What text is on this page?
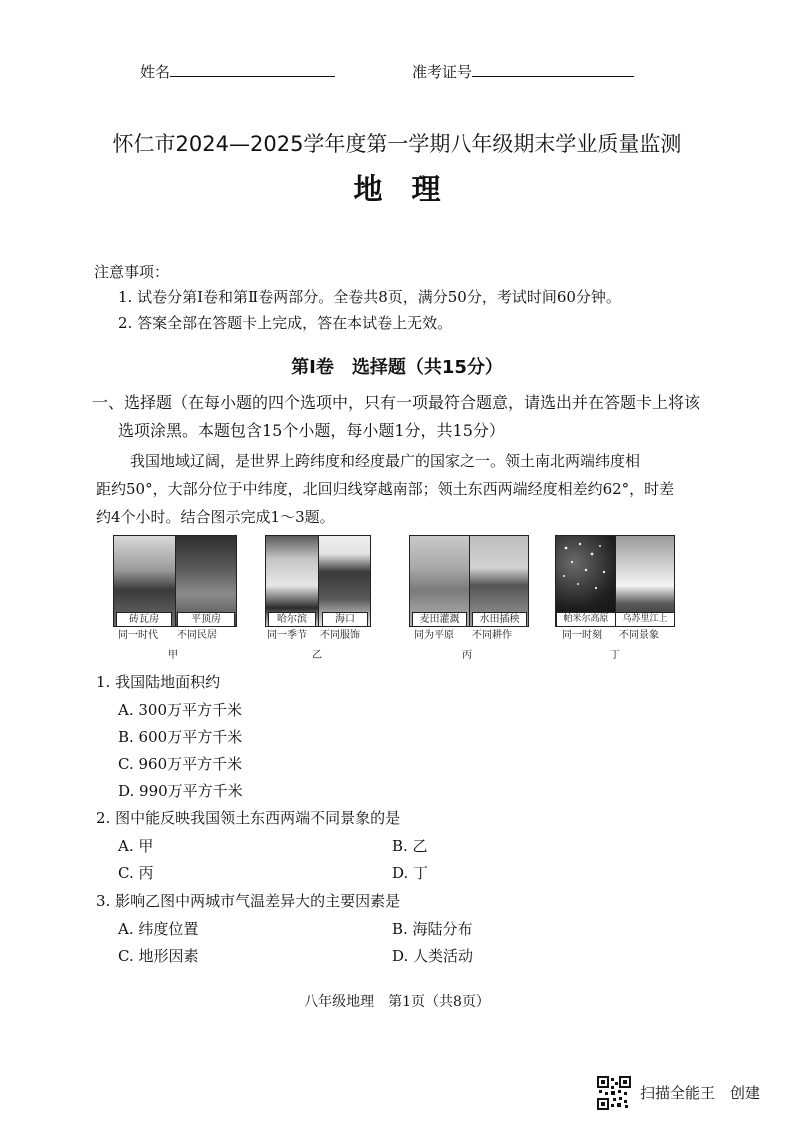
姓名	准考证号
怀仁市2024—2025学年度第一学期八年级期末学业质量监测
地　理
注意事项：
1. 试卷分第Ⅰ卷和第Ⅱ卷两部分。全卷共8页，满分50分，考试时间60分钟。
2. 答案全部在答题卡上完成，答在本试卷上无效。
第Ⅰ卷　选择题（共15分）
一、选择题（在每小题的四个选项中，只有一项最符合题意，请选出并在答题卡上将该
选项涂黑。本题包含15个小题，每小题1分，共15分）
我国地域辽阔，是世界上跨纬度和经度最广的国家之一。领土南北两端纬度相
距约50°，大部分位于中纬度，北回归线穿越南部；领土东西两端经度相差约62°，时差
约4个小时。结合图示完成1～3题。
砖瓦房	平顶房
同一时代 不同民居
甲
哈尔滨	海口
同一季节 不同服饰
乙
麦田灌溉	水田插秧
同为平原 不同耕作
丙
帕米尔高原	乌苏里江上
同一时刻 不同景象
丁
1. 我国陆地面积约
A. 300万平方千米
B. 600万平方千米
C. 960万平方千米
D. 990万平方千米
2. 图中能反映我国领土东西两端不同景象的是
A. 甲	B. 乙
C. 丙	D. 丁
3. 影响乙图中两城市气温差异大的主要因素是
A. 纬度位置	B. 海陆分布
C. 地形因素	D. 人类活动
八年级地理　第1页（共8页）
扫描全能王　创建
